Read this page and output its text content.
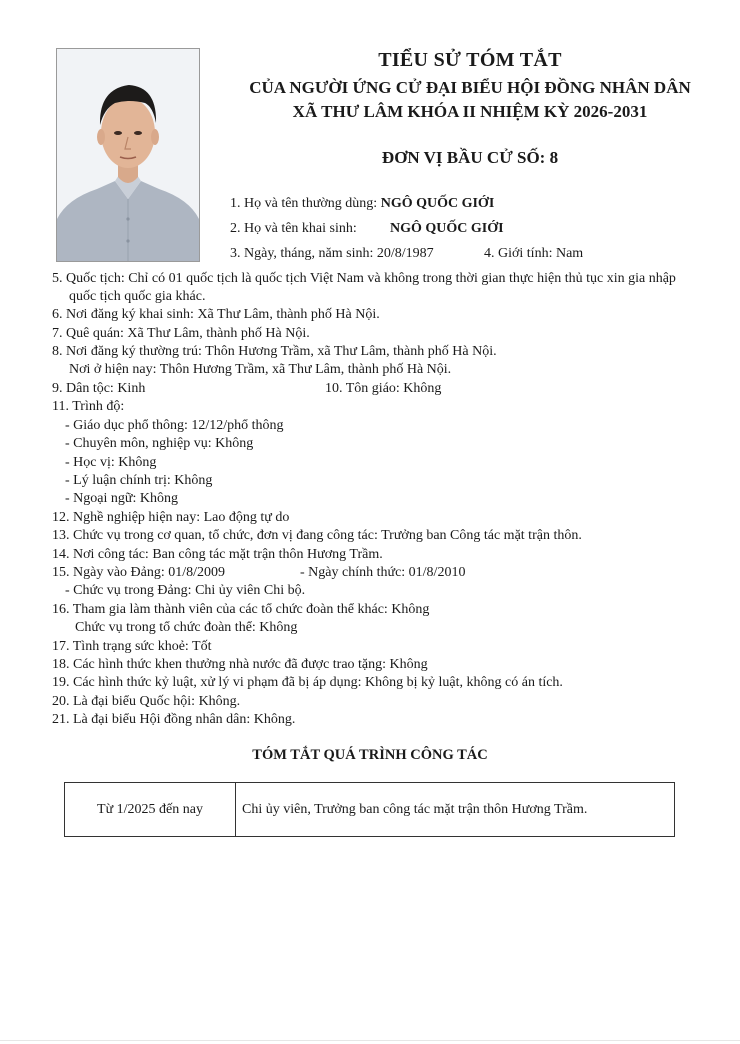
TIỂU SỬ TÓM TẮT
CỦA NGƯỜI ỨNG CỬ ĐẠI BIỂU HỘI ĐỒNG NHÂN DÂN
XÃ THƯ LÂM KHÓA II NHIỆM KỲ 2026-2031
ĐƠN VỊ BẦU CỬ SỐ: 8
1. Họ và tên thường dùng: NGÔ QUỐC GIỚI
2. Họ và tên khai sinh: NGÔ QUỐC GIỚI
3. Ngày, tháng, năm sinh: 20/8/1987	4. Giới tính: Nam
5. Quốc tịch: Chỉ có 01 quốc tịch là quốc tịch Việt Nam và không trong thời gian thực hiện thủ tục xin gia nhập
quốc tịch quốc gia khác.
6. Nơi đăng ký khai sinh: Xã Thư Lâm, thành phố Hà Nội.
7. Quê quán: Xã Thư Lâm, thành phố Hà Nội.
8. Nơi đăng ký thường trú: Thôn Hương Trầm, xã Thư Lâm, thành phố Hà Nội.
Nơi ở hiện nay: Thôn Hương Trầm, xã Thư Lâm, thành phố Hà Nội.
9. Dân tộc: Kinh	10. Tôn giáo: Không
11. Trình độ:
- Giáo dục phổ thông: 12/12/phổ thông
- Chuyên môn, nghiệp vụ: Không
- Học vị: Không
- Lý luận chính trị: Không
- Ngoại ngữ: Không
12. Nghề nghiệp hiện nay: Lao động tự do
13. Chức vụ trong cơ quan, tổ chức, đơn vị đang công tác: Trưởng ban Công tác mặt trận thôn.
14. Nơi công tác: Ban công tác mặt trận thôn Hương Trầm.
15. Ngày vào Đảng: 01/8/2009	- Ngày chính thức: 01/8/2010
- Chức vụ trong Đảng: Chi ủy viên Chi bộ.
16. Tham gia làm thành viên của các tổ chức đoàn thể khác: Không
Chức vụ trong tổ chức đoàn thể: Không
17. Tình trạng sức khoẻ: Tốt
18. Các hình thức khen thưởng nhà nước đã được trao tặng: Không
19. Các hình thức kỷ luật, xử lý vi phạm đã bị áp dụng: Không bị kỷ luật, không có án tích.
20. Là đại biểu Quốc hội: Không.
21. Là đại biểu Hội đồng nhân dân: Không.
TÓM TẮT QUÁ TRÌNH CÔNG TÁC
Từ 1/2025 đến nay	Chi ủy viên, Trưởng ban công tác mặt trận thôn Hương Trầm.
